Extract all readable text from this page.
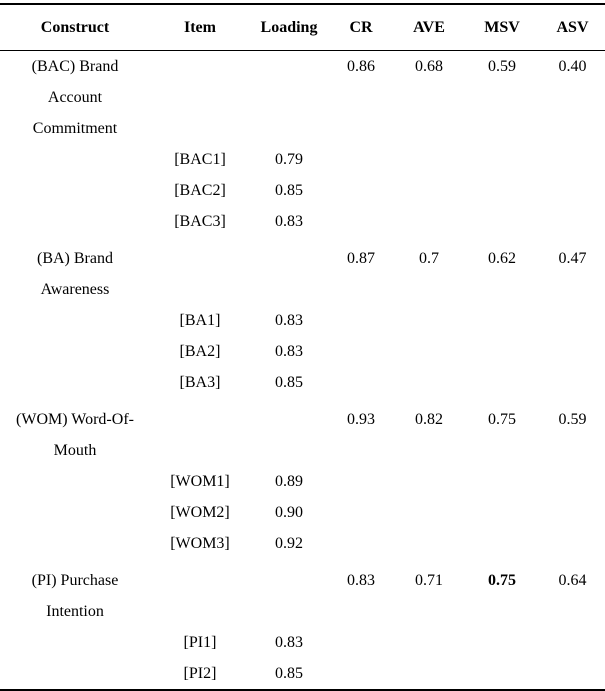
Construct	Item	Loading	CR	AVE	MSV	ASV

(BAC) Brand
Account
Commitment			0.86	0.68	0.59	0.40
	[BAC1]	0.79				
	[BAC2]	0.85				
	[BAC3]	0.83				

(BA) Brand
Awareness			0.87	0.7	0.62	0.47
	[BA1]	0.83				
	[BA2]	0.83				
	[BA3]	0.85				

(WOM) Word-Of-
Mouth			0.93	0.82	0.75	0.59
	[WOM1]	0.89				
	[WOM2]	0.90				
	[WOM3]	0.92				

(PI) Purchase
Intention			0.83	0.71	0.75	0.64
	[PI1]	0.83				
	[PI2]	0.85				
